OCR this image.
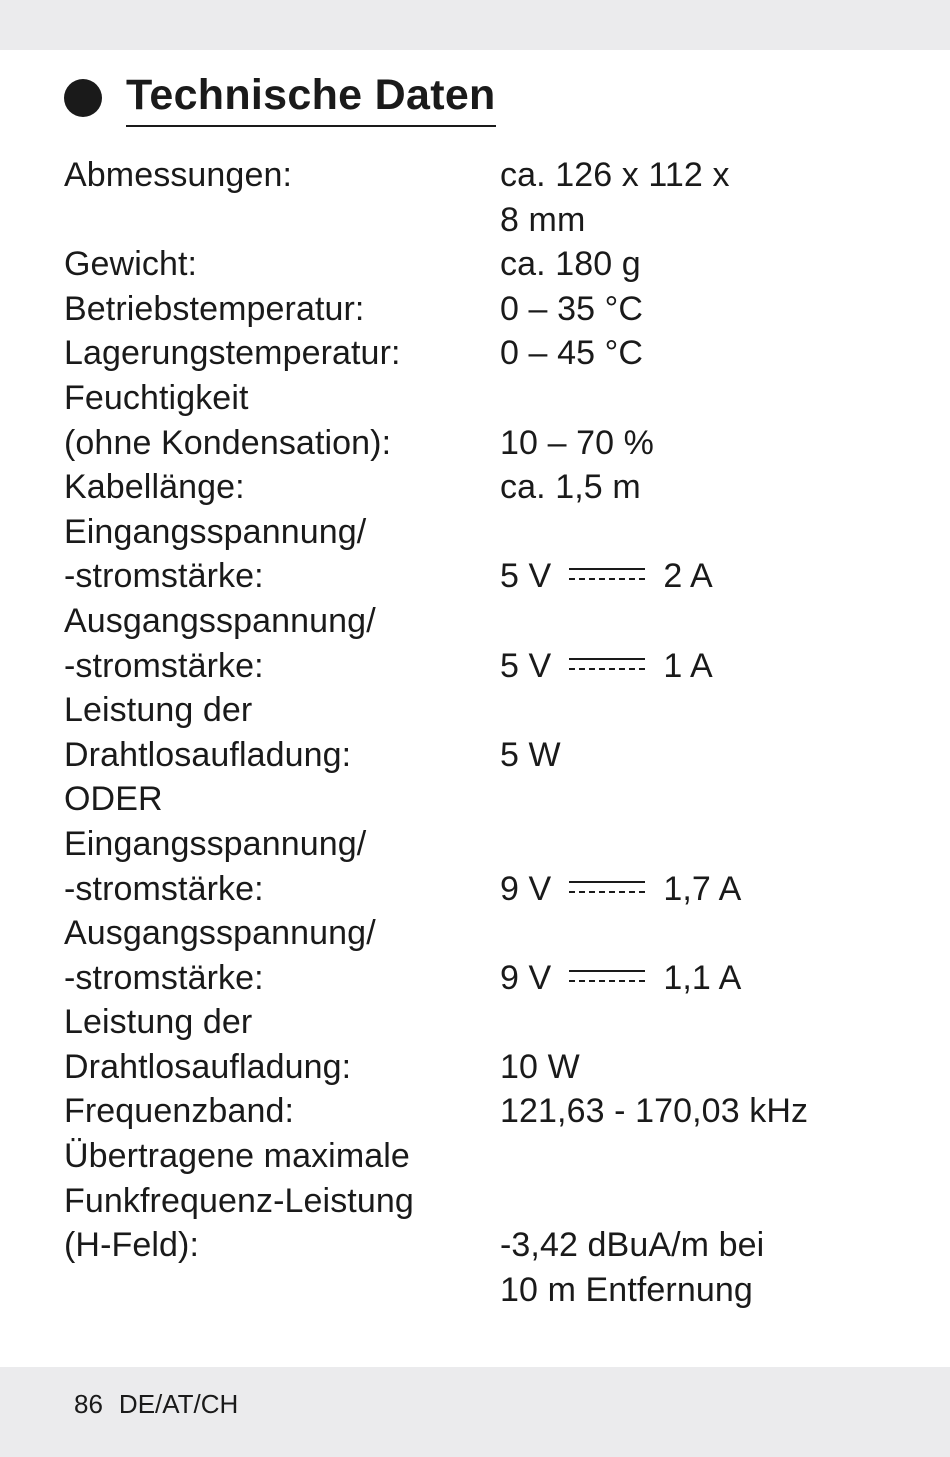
Technische Daten
Abmessungen:	ca. 126 x 112 x
8 mm
Gewicht:	ca. 180 g
Betriebstemperatur:	0 – 35 °C
Lagerungstemperatur:	0 – 45 °C
Feuchtigkeit
(ohne Kondensation):	10 – 70 %
Kabellänge:	ca. 1,5 m
Eingangsspannung/
-stromstärke:	5 V	2 A
Ausgangsspannung/
-stromstärke:	5 V	1 A
Leistung der
Drahtlosaufladung:	5 W
ODER
Eingangsspannung/
-stromstärke:	9 V	1,7 A
Ausgangsspannung/
-stromstärke:	9 V	1,1 A
Leistung der
Drahtlosaufladung:	10 W
Frequenzband:	121,63 - 170,03 kHz
Übertragene maximale
Funkfrequenz-Leistung
(H-Feld):	-3,42 dBuA/m bei
10 m Entfernung
86 DE/AT/CH
